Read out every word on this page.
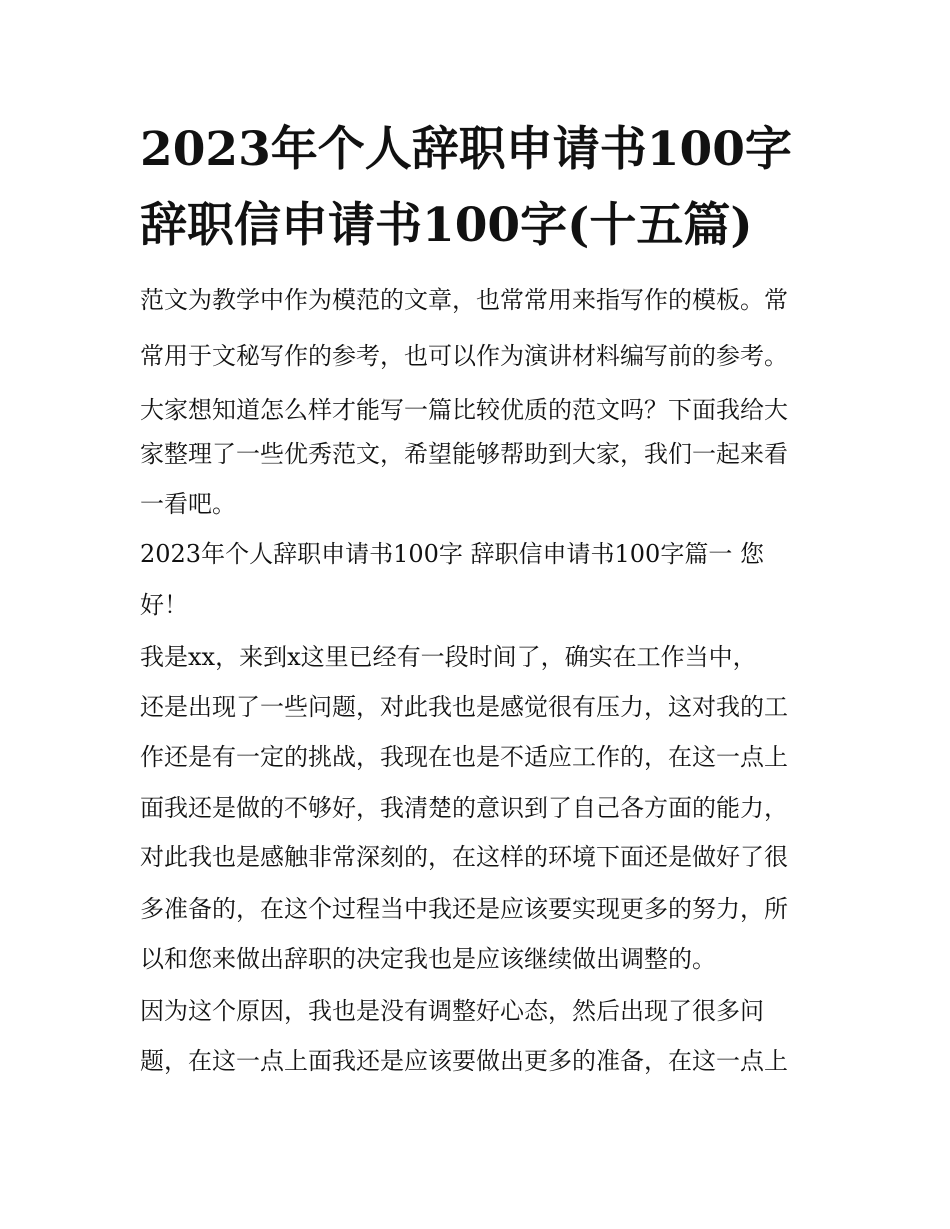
2023年个人辞职申请书100字
辞职信申请书100字(十五篇)
范文为教学中作为模范的文章，也常常用来指写作的模板。常
常用于文秘写作的参考，也可以作为演讲材料编写前的参考。
大家想知道怎么样才能写一篇比较优质的范文吗？下面我给大
家整理了一些优秀范文，希望能够帮助到大家，我们一起来看
一看吧。
2023年个人辞职申请书100字 辞职信申请书100字篇一 您
好！
我是xx，来到x这里已经有一段时间了，确实在工作当中，
还是出现了一些问题，对此我也是感觉很有压力，这对我的工
作还是有一定的挑战，我现在也是不适应工作的，在这一点上
面我还是做的不够好，我清楚的意识到了自己各方面的能力，
对此我也是感触非常深刻的，在这样的环境下面还是做好了很
多准备的，在这个过程当中我还是应该要实现更多的努力，所
以和您来做出辞职的决定我也是应该继续做出调整的。
因为这个原因，我也是没有调整好心态，然后出现了很多问
题，在这一点上面我还是应该要做出更多的准备，在这一点上
